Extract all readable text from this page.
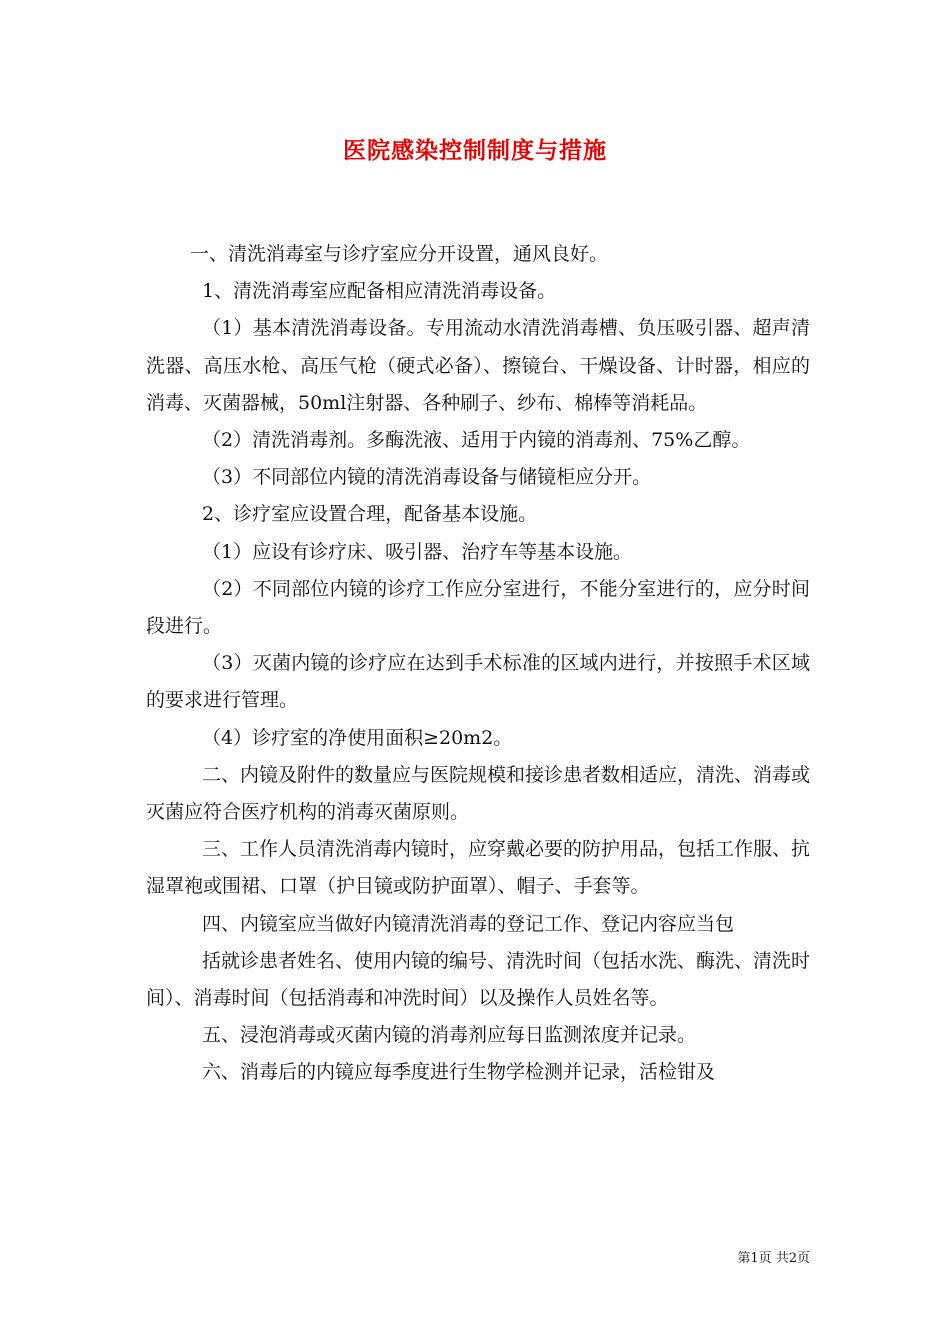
医院感染控制制度与措施

一、清洗消毒室与诊疗室应分开设置，通风良好。

1、清洗消毒室应配备相应清洗消毒设备。

（1）基本清洗消毒设备。专用流动水清洗消毒槽、负压吸引器、超声清洗器、高压水枪、高压气枪（硬式必备）、擦镜台、干燥设备、计时器，相应的消毒、灭菌器械，50ml注射器、各种刷子、纱布、棉棒等消耗品。

（2）清洗消毒剂。多酶洗液、适用于内镜的消毒剂、75%乙醇。

（3）不同部位内镜的清洗消毒设备与储镜柜应分开。

2、诊疗室应设置合理，配备基本设施。

（1）应设有诊疗床、吸引器、治疗车等基本设施。

（2）不同部位内镜的诊疗工作应分室进行，不能分室进行的，应分时间段进行。

（3）灭菌内镜的诊疗应在达到手术标准的区域内进行，并按照手术区域的要求进行管理。

（4）诊疗室的净使用面积≥20m2。

二、内镜及附件的数量应与医院规模和接诊患者数相适应，清洗、消毒或灭菌应符合医疗机构的消毒灭菌原则。

三、工作人员清洗消毒内镜时，应穿戴必要的防护用品，包括工作服、抗湿罩袍或围裙、口罩（护目镜或防护面罩）、帽子、手套等。

四、内镜室应当做好内镜清洗消毒的登记工作、登记内容应当包

括就诊患者姓名、使用内镜的编号、清洗时间（包括水洗、酶洗、清洗时间）、消毒时间（包括消毒和冲洗时间）以及操作人员姓名等。

五、浸泡消毒或灭菌内镜的消毒剂应每日监测浓度并记录。

六、消毒后的内镜应每季度进行生物学检测并记录，活检钳及

第1页 共2页
